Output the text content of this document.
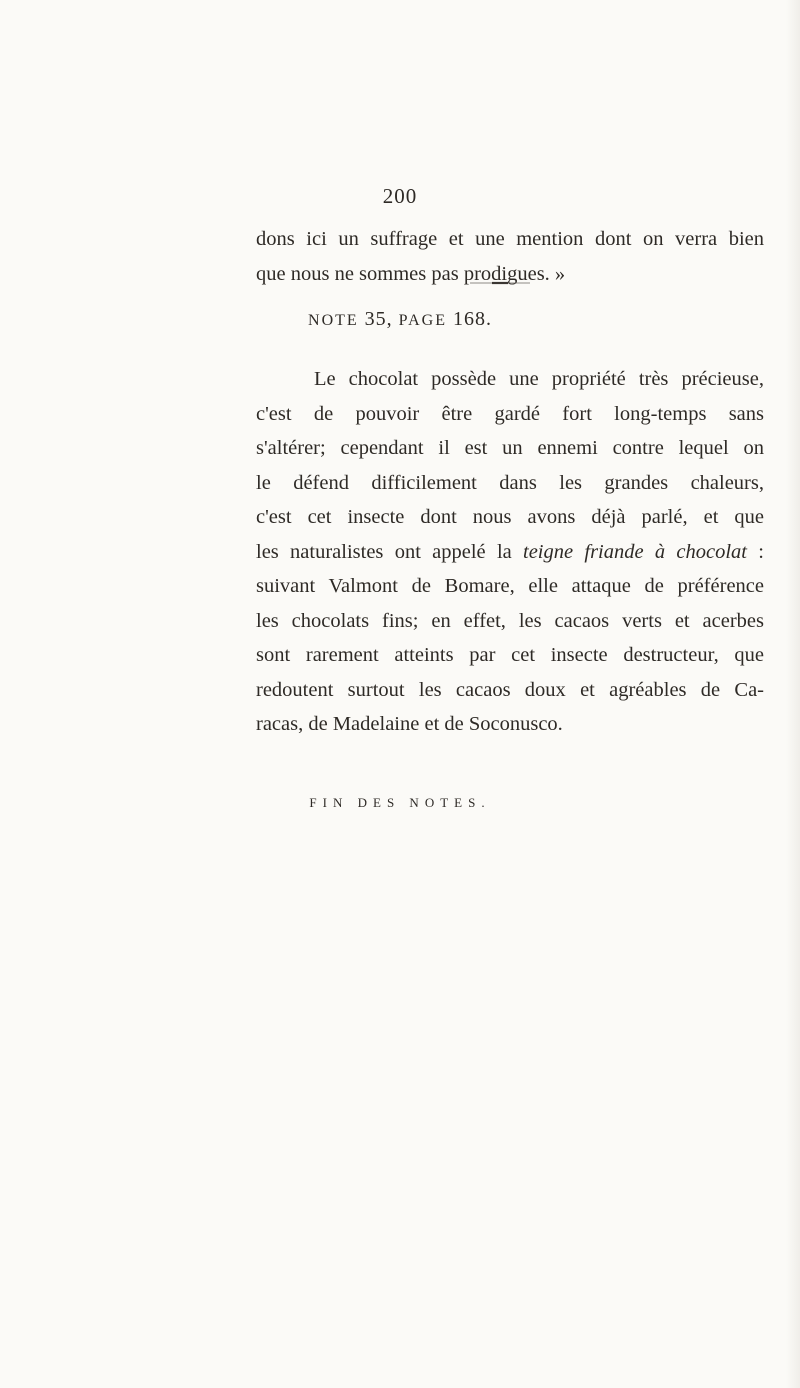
200
dons ici un suffrage et une mention dont on verra bien
que nous ne sommes pas prodigues. »
NOTE 35, PAGE 168.
Le chocolat possède une propriété très précieuse,
c'est de pouvoir être gardé fort long-temps sans
s'altérer; cependant il est un ennemi contre lequel on
le défend difficilement dans les grandes chaleurs,
c'est cet insecte dont nous avons déjà parlé, et que
les naturalistes ont appelé la teigne friande à chocolat :
suivant Valmont de Bomare, elle attaque de préférence
les chocolats fins; en effet, les cacaos verts et acerbes
sont rarement atteints par cet insecte destructeur, que
redoutent surtout les cacaos doux et agréables de Ca-
racas, de Madelaine et de Soconusco.
FIN DES NOTES.
